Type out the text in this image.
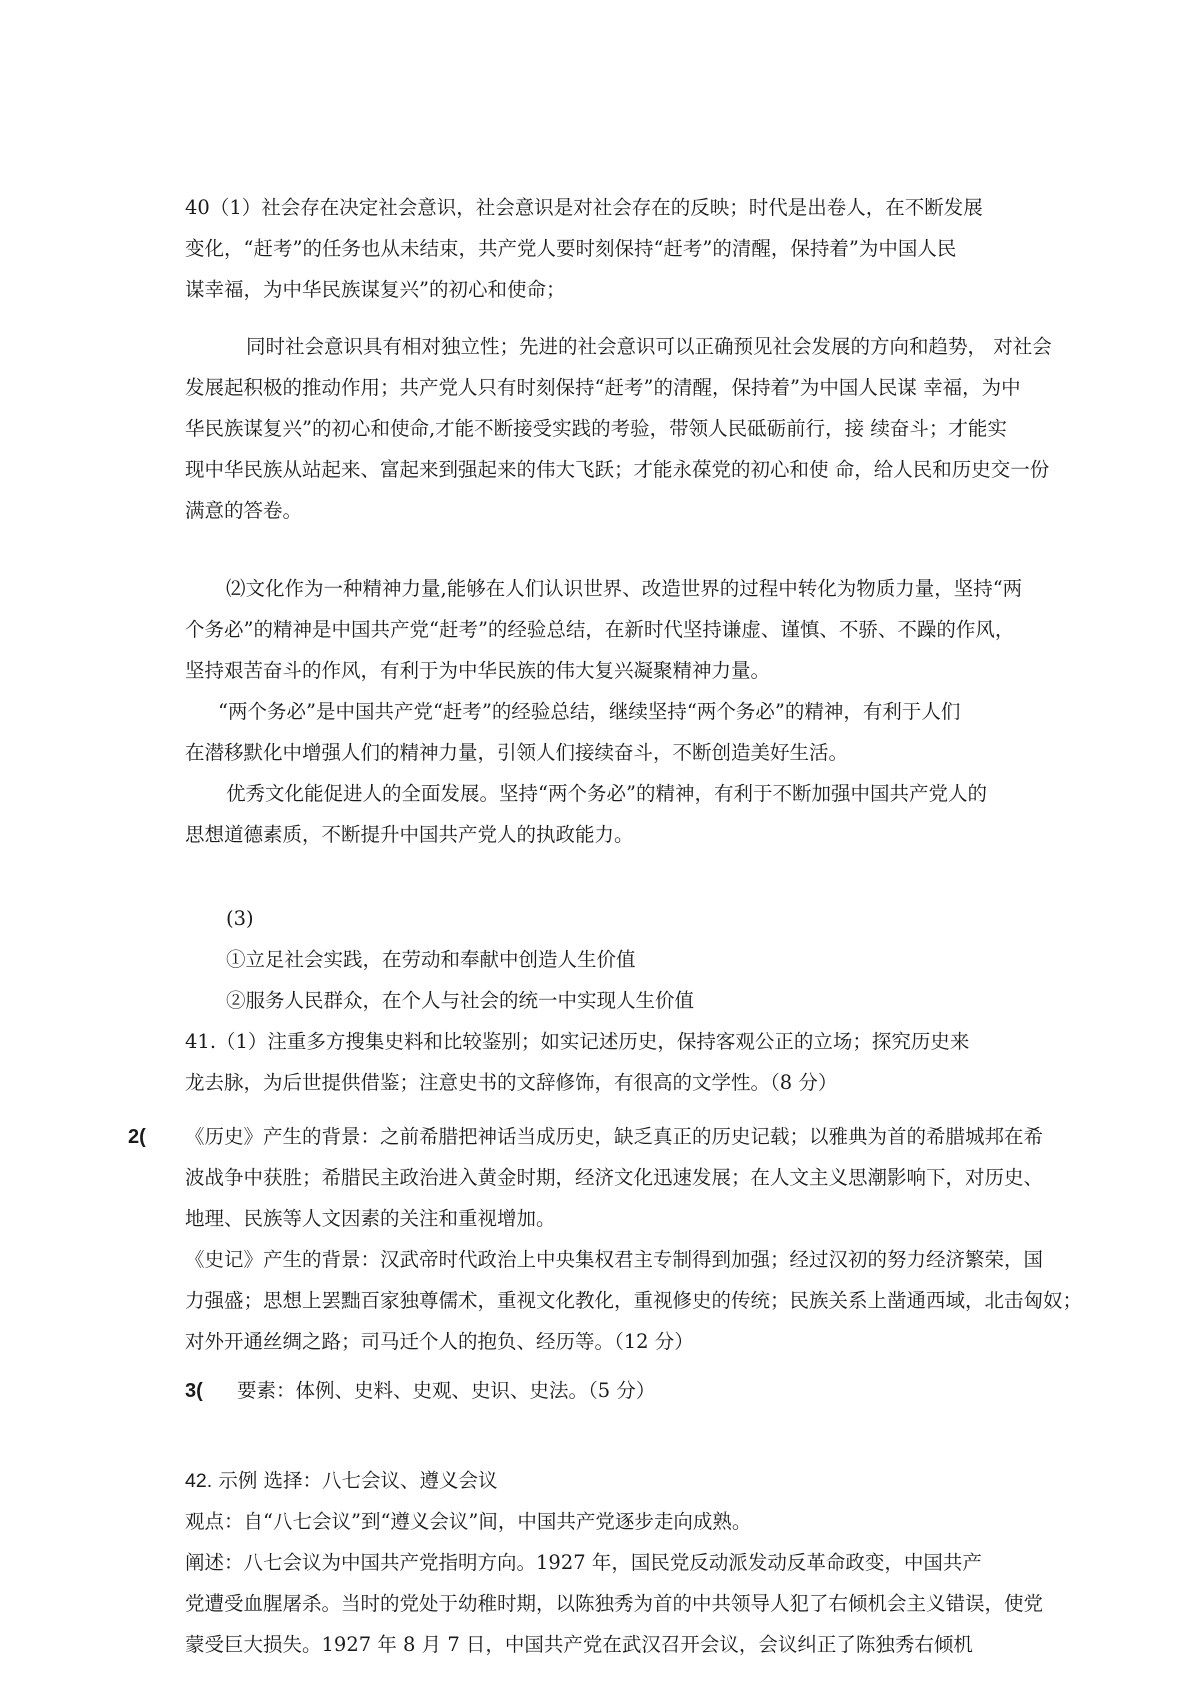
40（1）社会存在决定社会意识，社会意识是对社会存在的反映；时代是出卷人，在不断发展
变化，“赶考”的任务也从未结束，共产党人要时刻保持“赶考”的清醒，保持着”为中国人民
谋幸福，为中华民族谋复兴”的初心和使命；
同时社会意识具有相对独立性；先进的社会意识可以正确预见社会发展的方向和趋势， 对社会
发展起积极的推动作用；共产党人只有时刻保持“赶考”的清醒，保持着”为中国人民谋 幸福，为中
华民族谋复兴”的初心和使命,才能不断接受实践的考验，带领人民砥砺前行，接 续奋斗；才能实
现中华民族从站起来、富起来到强起来的伟大飞跃；才能永葆党的初心和使 命，给人民和历史交一份
满意的答卷。
⑵文化作为一种精神力量,能够在人们认识世界、改造世界的过程中转化为物质力量，坚持“两
个务必”的精神是中国共产党“赶考”的经验总结，在新时代坚持谦虚、谨慎、不骄、不躁的作风，
坚持艰苦奋斗的作风，有利于为中华民族的伟大复兴凝聚精神力量。
“两个务必”是中国共产党“赶考”的经验总结，继续坚持“两个务必”的精神，有利于人们
在潜移默化中增强人们的精神力量，引领人们接续奋斗，不断创造美好生活。
优秀文化能促进人的全面发展。坚持“两个务必”的精神，有利于不断加强中国共产党人的
思想道德素质，不断提升中国共产党人的执政能力。
(3)
①立足社会实践，在劳动和奉献中创造人生价值
②服务人民群众，在个人与社会的统一中实现人生价值
41.（1）注重多方搜集史料和比较鉴别；如实记述历史，保持客观公正的立场；探究历史来
龙去脉，为后世提供借鉴；注意史书的文辞修饰，有很高的文学性。（8 分）
2( 《历史》产生的背景：之前希腊把神话当成历史，缺乏真正的历史记载；以雅典为首的希腊城邦在希
波战争中获胜；希腊民主政治进入黄金时期，经济文化迅速发展；在人文主义思潮影响下，对历史、
地理、民族等人文因素的关注和重视增加。
《史记》产生的背景：汉武帝时代政治上中央集权君主专制得到加强；经过汉初的努力经济繁荣，国
力强盛；思想上罢黜百家独尊儒术，重视文化教化，重视修史的传统；民族关系上凿通西域，北击匈奴；
对外开通丝绸之路；司马迁个人的抱负、经历等。（12 分）
3( 要素：体例、史料、史观、史识、史法。（5 分）
42. 示例 选择：八七会议、遵义会议
观点：自“八七会议”到“遵义会议”间，中国共产党逐步走向成熟。
阐述：八七会议为中国共产党指明方向。1927 年，国民党反动派发动反革命政变，中国共产
党遭受血腥屠杀。当时的党处于幼稚时期，以陈独秀为首的中共领导人犯了右倾机会主义错误，使党
蒙受巨大损失。1927 年 8 月 7 日，中国共产党在武汉召开会议，会议纠正了陈独秀右倾机
